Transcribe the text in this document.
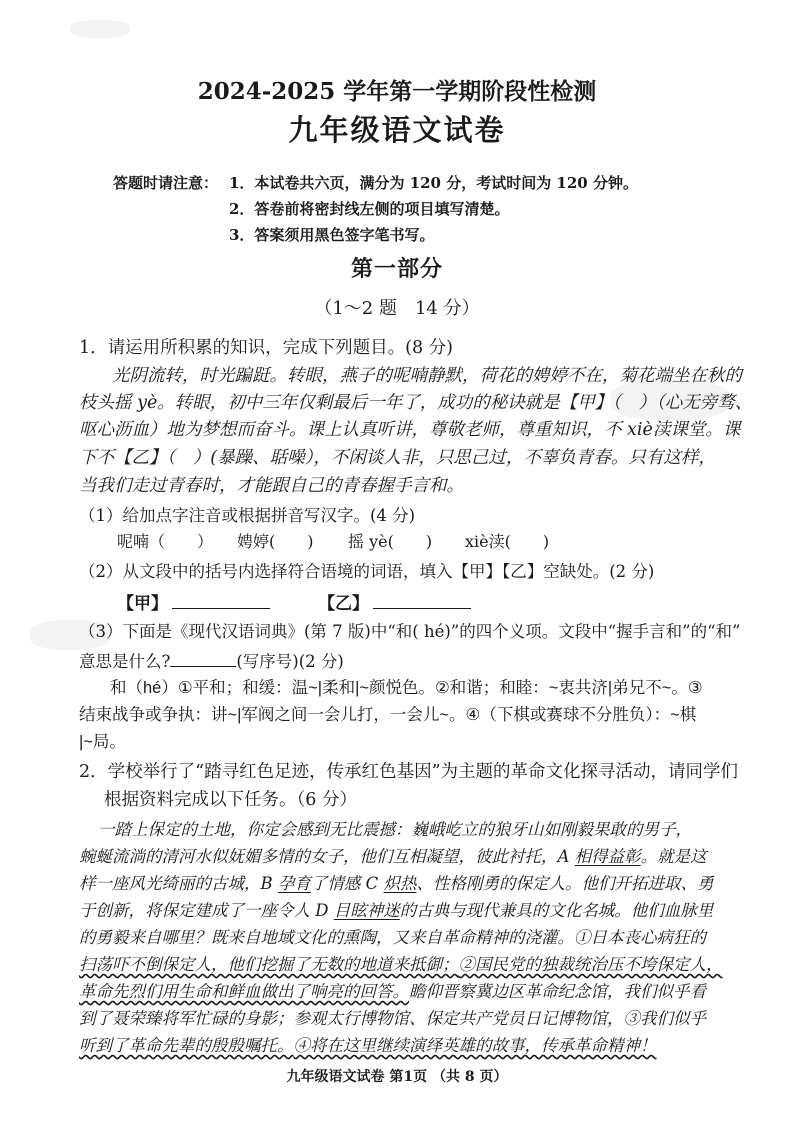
2024-2025 学年第一学期阶段性检测
九年级语文试卷
答题时请注意： 1．本试卷共六页，满分为 120 分，考试时间为 120 分钟。
2．答卷前将密封线左侧的项目填写清楚。
3．答案须用黑色签字笔书写。
第一部分
（1～2 题　14 分）
1．请运用所积累的知识，完成下列题目。(8 分)
光阴流转，时光蹁跹。转眼，燕子的呢喃静默，荷花的娉婷不在，菊花端坐在秋的
枝头摇 yè。转眼，初中三年仅剩最后一年了，成功的秘诀就是【甲】（　）（心无旁骛、
呕心沥血）地为梦想而奋斗。课上认真听讲，尊敬老师，尊重知识，不 xiè渎课堂。课
下不【乙】（　）(暴躁、聒噪），不闲谈人非，只思己过，不辜负青春。只有这样，
当我们走过青春时，才能跟自己的青春握手言和。
（1）给加点字注音或根据拼音写汉字。(4 分)
呢喃（　　） 娉婷(　　) 摇 yè(　　) xiè渎(　　)
（2）从文段中的括号内选择符合语境的词语，填入【甲】【乙】空缺处。(2 分)
【甲】	【乙】
（3）下面是《现代汉语词典》(第 7 版)中“和( hé)”的四个义项。文段中“握手言和”的“和”
意思是什么?	(写序号)(2 分)
和（hé）①平和；和缓：温~|柔和|~颜悦色。②和谐；和睦：~衷共济|弟兄不~。③
结束战争或争执：讲~|军阀之间一会儿打，一会儿~。④（下棋或赛球不分胜负）：~棋
|~局。
2．学校举行了“踏寻红色足迹，传承红色基因”为主题的革命文化探寻活动，请同学们
根据资料完成以下任务。（6 分）
一踏上保定的土地，你定会感到无比震撼：巍峨屹立的狼牙山如刚毅果敢的男子，
蜿蜒流淌的清河水似妩媚多情的女子，他们互相凝望，彼此衬托，A 相得益彰。就是这
样一座风光绮丽的古城，B 孕育了情感 C 炽热、性格刚勇的保定人。他们开拓进取、勇
于创新，将保定建成了一座令人 D 目眩神迷的古典与现代兼具的文化名城。他们血脉里
的勇毅来自哪里？既来自地域文化的熏陶，又来自革命精神的浇灌。①日本丧心病狂的
扫荡吓不倒保定人，他们挖掘了无数的地道来抵御；②国民党的独裁统治压不垮保定人，
革命先烈们用生命和鲜血做出了响亮的回答。瞻仰晋察冀边区革命纪念馆，我们似乎看
到了聂荣臻将军忙碌的身影；参观太行博物馆、保定共产党员日记博物馆，③我们似乎
听到了革命先辈的殷殷嘱托。④将在这里继续演绎英雄的故事，传承革命精神！
九年级语文试卷 第1页 （共 8 页）
